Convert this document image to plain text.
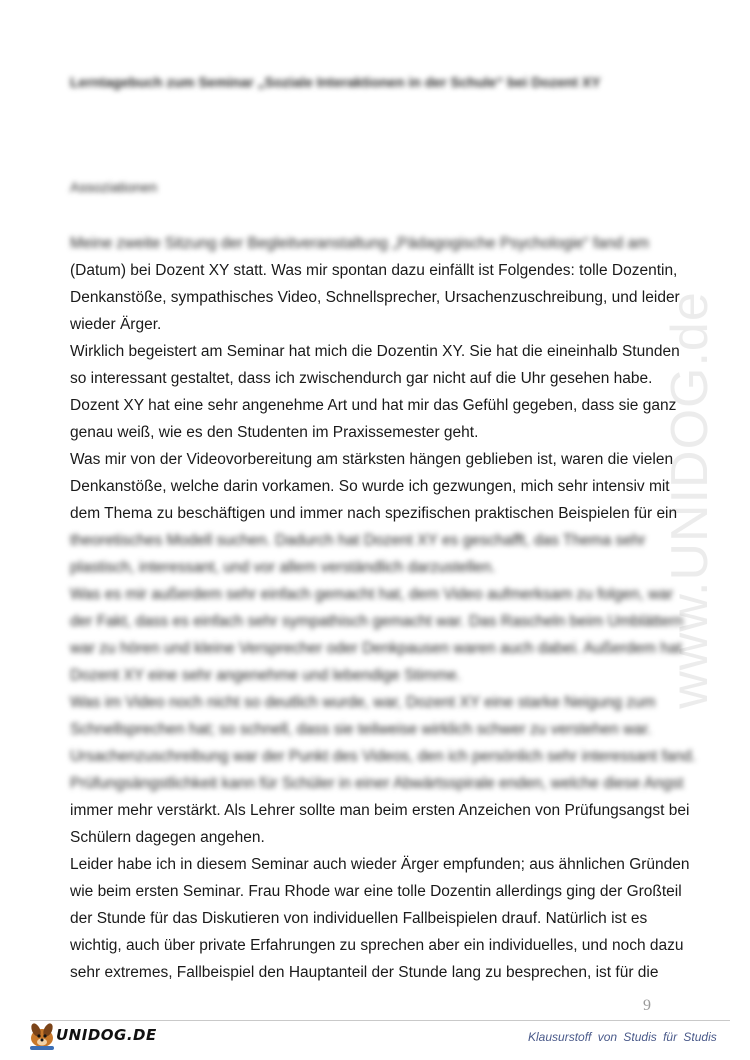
www.UNIDOG.de
Lerntagebuch zum Seminar „Soziale Interaktionen in der Schule“ bei Dozent XY
Assoziationen
Meine zweite Sitzung der Begleitveranstaltung „Pädagogische Psychologie“ fand am
(Datum) bei Dozent XY statt. Was mir spontan dazu einfällt ist Folgendes: tolle Dozentin,
Denkanstöße, sympathisches Video, Schnellsprecher, Ursachenzuschreibung, und leider
wieder Ärger.
Wirklich begeistert am Seminar hat mich die Dozentin XY. Sie hat die eineinhalb Stunden
so interessant gestaltet, dass ich zwischendurch gar nicht auf die Uhr gesehen habe.
Dozent XY hat eine sehr angenehme Art und hat mir das Gefühl gegeben, dass sie ganz
genau weiß, wie es den Studenten im Praxissemester geht.
Was mir von der Videovorbereitung am stärksten hängen geblieben ist, waren die vielen
Denkanstöße, welche darin vorkamen. So wurde ich gezwungen, mich sehr intensiv mit
dem Thema zu beschäftigen und immer nach spezifischen praktischen Beispielen für ein
theoretisches Modell suchen. Dadurch hat Dozent XY es geschafft, das Thema sehr
plastisch, interessant, und vor allem verständlich darzustellen.
Was es mir außerdem sehr einfach gemacht hat, dem Video aufmerksam zu folgen, war
der Fakt, dass es einfach sehr sympathisch gemacht war. Das Rascheln beim Umblättern
war zu hören und kleine Versprecher oder Denkpausen waren auch dabei. Außerdem hat
Dozent XY eine sehr angenehme und lebendige Stimme.
Was im Video noch nicht so deutlich wurde, war, Dozent XY eine starke Neigung zum
Schnellsprechen hat; so schnell, dass sie teilweise wirklich schwer zu verstehen war.
Ursachenzuschreibung war der Punkt des Videos, den ich persönlich sehr interessant fand.
Prüfungsängstlichkeit kann für Schüler in einer Abwärtsspirale enden, welche diese Angst
immer mehr verstärkt. Als Lehrer sollte man beim ersten Anzeichen von Prüfungsangst bei
Schülern dagegen angehen.
Leider habe ich in diesem Seminar auch wieder Ärger empfunden; aus ähnlichen Gründen
wie beim ersten Seminar. Frau Rhode war eine tolle Dozentin allerdings ging der Großteil
der Stunde für das Diskutieren von individuellen Fallbeispielen drauf. Natürlich ist es
wichtig, auch über private Erfahrungen zu sprechen aber ein individuelles, und noch dazu
sehr extremes, Fallbeispiel den Hauptanteil der Stunde lang zu besprechen, ist für die
9
UNIDOG.DE	Klausurstoff von Studis für Studis
